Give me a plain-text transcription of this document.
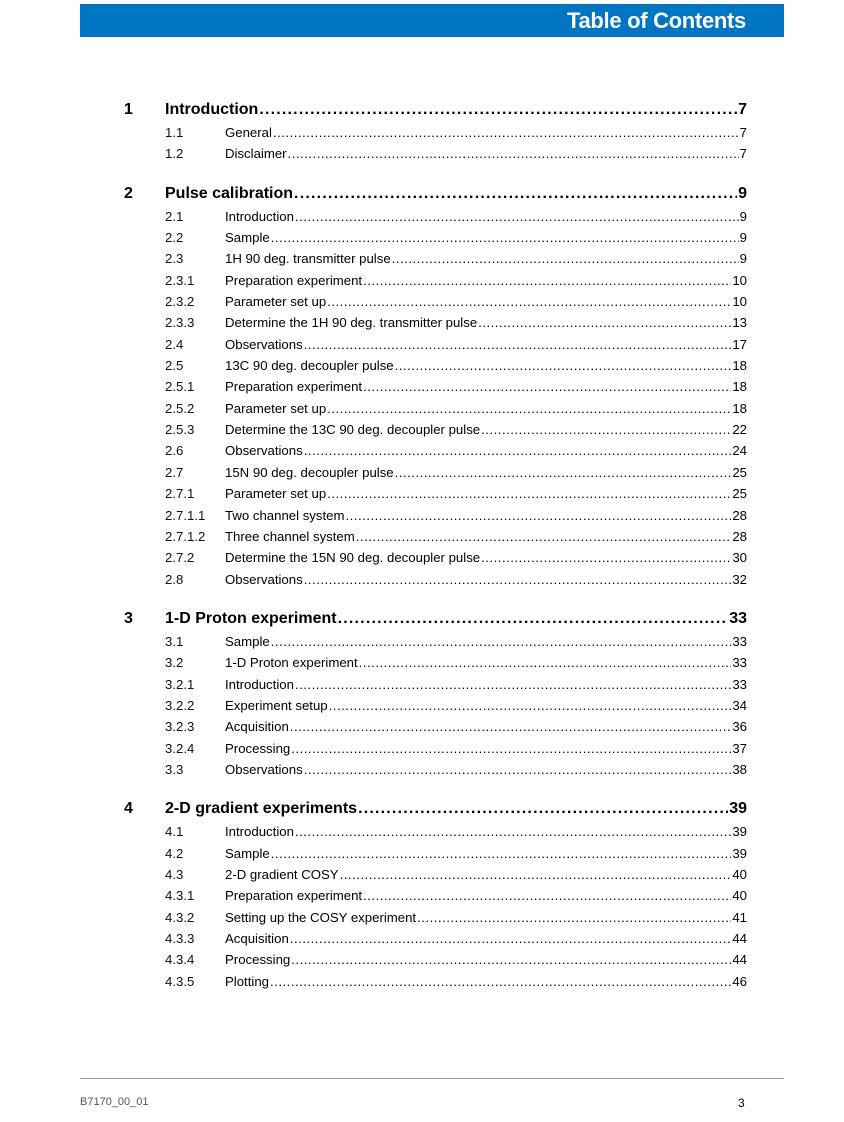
Table of Contents
1 Introduction .....	7
1.1	General .....	7
1.2	Disclaimer .....	7
2 Pulse calibration .....	9
2.1	Introduction .....	9
2.2	Sample .....	9
2.3	1H 90 deg. transmitter pulse .....	9
2.3.1 Preparation experiment .....	10
2.3.2 Parameter set up .....	10
2.3.3 Determine the 1H 90 deg. transmitter pulse .....	13
2.4	Observations .....	17
2.5	13C 90 deg. decoupler pulse .....	18
2.5.1 Preparation experiment .....	18
2.5.2 Parameter set up .....	18
2.5.3 Determine the 13C 90 deg. decoupler pulse .....	22
2.6	Observations .....	24
2.7	15N 90 deg. decoupler pulse .....	25
2.7.1 Parameter set up .....	25
2.7.1.1 Two channel system .....	28
2.7.1.2 Three channel system .....	28
2.7.2 Determine the 15N 90 deg. decoupler pulse .....	30
2.8	Observations .....	32
3 1-D Proton experiment .....	33
3.1	Sample .....	33
3.2	1-D Proton experiment .....	33
3.2.1 Introduction .....	33
3.2.2 Experiment setup .....	34
3.2.3 Acquisition .....	36
3.2.4 Processing .....	37
3.3	Observations .....	38
4 2-D gradient experiments .....	39
4.1	Introduction .....	39
4.2	Sample .....	39
4.3	2-D gradient COSY .....	40
4.3.1 Preparation experiment .....	40
4.3.2 Setting up the COSY experiment .....	41
4.3.3 Acquisition .....	44
4.3.4 Processing .....	44
4.3.5 Plotting .....	46
B7170_00_01	3
